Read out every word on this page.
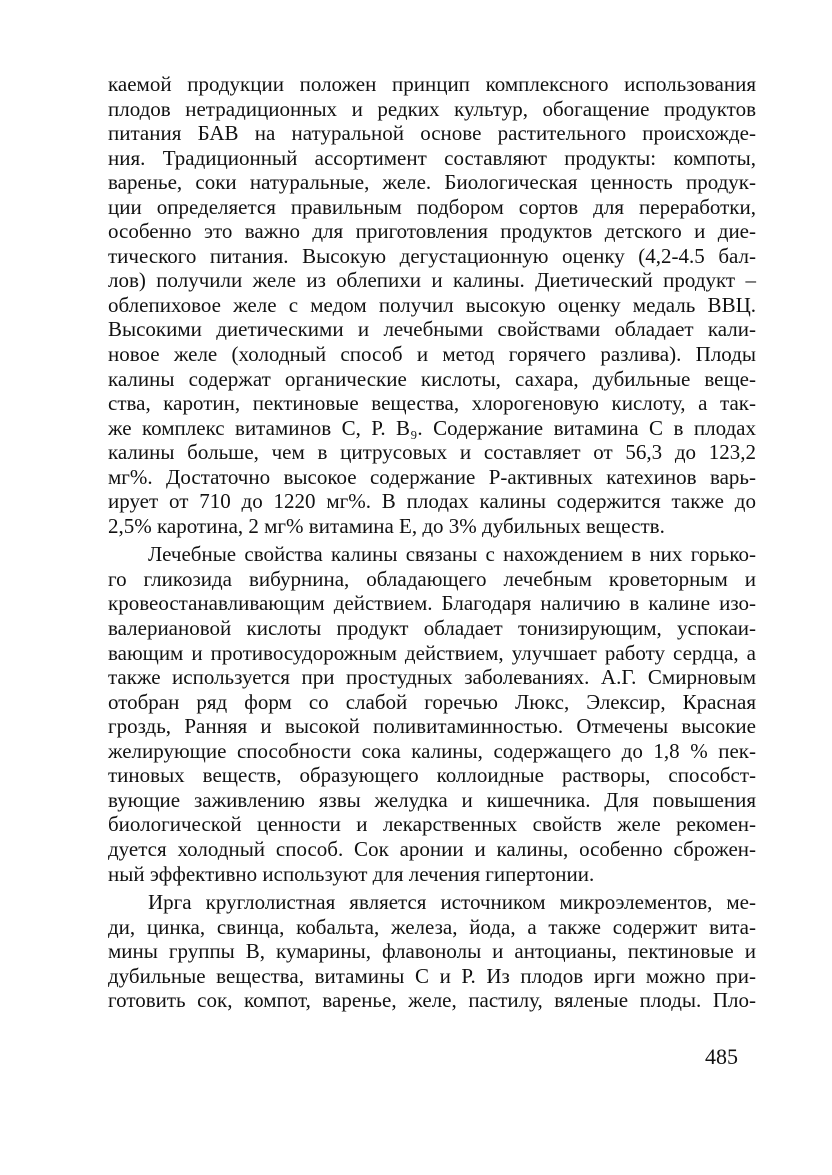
каемой продукции положен принцип комплексного использования
плодов нетрадиционных и редких культур, обогащение продуктов
питания БАВ на натуральной основе растительного происхожде-
ния. Традиционный ассортимент составляют продукты: компоты,
варенье, соки натуральные, желе. Биологическая ценность продук-
ции определяется правильным подбором сортов для переработки,
особенно это важно для приготовления продуктов детского и дие-
тического питания. Высокую дегустационную оценку (4,2-4.5 бал-
лов) получили желе из облепихи и калины. Диетический продукт –
облепиховое желе с медом получил высокую оценку медаль ВВЦ.
Высокими диетическими и лечебными свойствами обладает кали-
новое желе (холодный способ и метод горячего разлива). Плоды
калины содержат органические кислоты, сахара, дубильные веще-
ства, каротин, пектиновые вещества, хлорогеновую кислоту, а так-
же комплекс витаминов С, Р. В₉. Содержание витамина С в плодах
калины больше, чем в цитрусовых и составляет от 56,3 до 123,2
мг%. Достаточно высокое содержание Р-активных катехинов варь-
ирует от 710 до 1220 мг%. В плодах калины содержится также до
2,5% каротина, 2 мг% витамина Е, до 3% дубильных веществ.
Лечебные свойства калины связаны с нахождением в них горько-
го гликозида вибурнина, обладающего лечебным кроветорным и
кровеостанавливающим действием. Благодаря наличию в калине изо-
валериановой кислоты продукт обладает тонизирующим, успокаи-
вающим и противосудорожным действием, улучшает работу сердца, а
также используется при простудных заболеваниях. А.Г. Смирновым
отобран ряд форм со слабой горечью Люкс, Элексир, Красная
гроздь, Ранняя и высокой поливитаминностью. Отмечены высокие
желирующие способности сока калины, содержащего до 1,8 % пек-
тиновых веществ, образующего коллоидные растворы, способст-
вующие заживлению язвы желудка и кишечника. Для повышения
биологической ценности и лекарственных свойств желе рекомен-
дуется холодный способ. Сок аронии и калины, особенно сброжен-
ный эффективно используют для лечения гипертонии.
Ирга круглолистная является источником микроэлементов, ме-
ди, цинка, свинца, кобальта, железа, йода, а также содержит вита-
мины группы В, кумарины, флавонолы и антоцианы, пектиновые и
дубильные вещества, витамины С и Р. Из плодов ирги можно при-
готовить сок, компот, варенье, желе, пастилу, вяленые плоды. Пло-
485
